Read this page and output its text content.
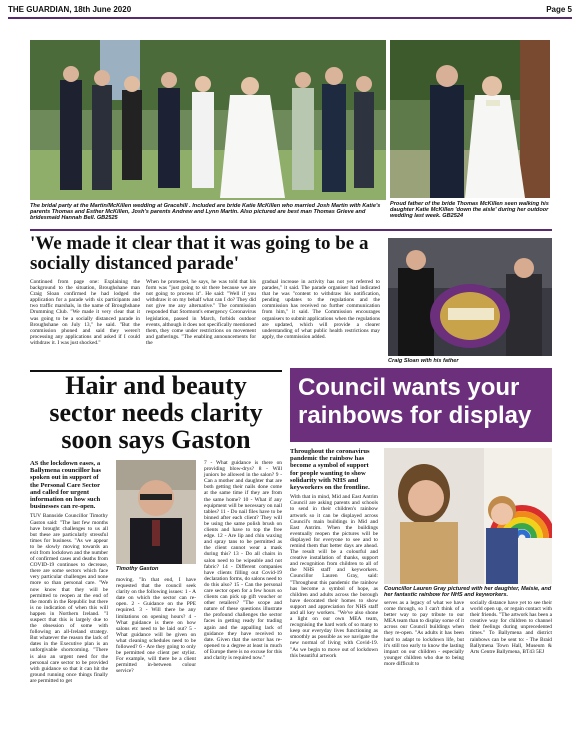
THE GUARDIAN, 18th June 2020	Page 5
The bridal party at the Martin/McKillen wedding at Gracehill . Included are bride Katie McKillen who married Josh Martin with Katie's parents Thomas and Esther McKillen, Josh's parents Andrew and Lynn Martin. Also pictured are best man Thomas Grieve and bridesmaid Hannah Bell. GB2525
Proud father of the bride Thomas McKillen seen walking his daughter Katie McKillen 'down the aisle' during her outdoor wedding last week. GB2524
'We made it clear that it was going to be a socially distanced parade'

Continued from page one: Explaining the background to the situation, Broughshane man Craig Sloan confirmed he had lodged the application for a parade with six participants and two traffic marshals, in the name of Broughshane Drumming Club. "We made it very clear that it was going to be a socially distanced parade in Broughshane on July 13," he said. "But the commission phoned and said they weren't processing any applications and asked if I could withdraw it. I was just shocked."

When he protested, he says, he was told that his form was "just going to sit there because we are not going to process it". He said: "Well if you withdraw it on my behalf what can I do? They did not give me any alternative." The commission responded that Stormont's emergency Coronavirus legislation, passed in March, forbids outdoor events, although it does not specifically mentioned them, they come under restrictions on movement and gatherings. "The enabling announcements for the

gradual increase in activity has not yet referred to parades," it said. The parade organiser had indicated that he was "content to withdraw his notification, pending updates to the regulations and the commission has received no further communication from him," it said. The Commission encourages organisers to submit applications when the regulations are updated, which will provide a clearer understanding of what public health restrictions may apply, the commission added.

Craig Sloan with his father
Hair and beauty sector needs clarity
soon says Gaston
Council wants your rainbows for display

AS the lockdown eases, a Ballymena councillor has spoken out in support of the Personal Care Sector and called for urgent information on how such businesses can re-open.

TUV Bannside Councillor Timothy Gaston said: "The last few months have brought challenges to us all but these are particularly stressful times for business. "As we appear to be slowly moving towards an exit from lockdown and the number of confirmed cases and deaths from COVID-19 continues to decrease, there are some sectors which face very particular challenges and none more so than personal care. "We now know that they will be permitted to reopen at the end of the month in the Republic but there is no indication of when this will happen in Northern Ireland. "I suspect that this is largely due to the obsession of some with following an all-Ireland strategy. But whatever the reason the lack of dates in the Executive plan is an unforgivable shortcoming. "There is also an urgent need for the personal care sector to be provided with guidance so that it can hit the ground running once things finally are permitted to get

Timothy Gaston

moving. "In that end, I have requested that the council seek clarity on the following issues: 1 - A date on which the sector can re-open. 2 - Guidance on the PPE required. 3 - Will there be any limitations on opening hours? 4 - What guidance is there on how salons etc need to be laid out? 5 - What guidance will be given on what cleaning schedules need to be followed? 6 - Are they going to only be permitted one client per stylist. For example, will there be a client permitted in-between colour service?

7 - What guidance is there on providing blow-drys? 8 - Will juniors be allowed in the salon? 9 - Can a mother and daughter that are both getting their nails done come at the same time if they are from the same home? 10 - What if any equipment will be necessary on nail tables? 11 - Do nail files have to be binned after each client? They will be using the same polish brush on clients and have to top the free edge. 12 - Are lip and chin waxing and spray tans to be permitted as the client cannot wear a mask during this? 13 - Do all chairs in salon need to be wipeable and not fabric? 14 - Different companies have clients filling out Covid-19 declaration forms, do salons need to do this also? 15 - Can the personal care sector open for a few hours so clients can pick up gift voucher or other retailers? "The scope and nature of these questions illustrate the profound challenges the sector faces in getting ready for trading again and the appalling lack of guidance they have received to date. Given that the sector has re-opened to a degree at least in much of Europe there is no excuse for this and clarity is required now."

Throughout the coronavirus pandemic the rainbow has become a symbol of support for people wanting to show solidarity with NHS and keyworkers on the frontline.

With that in mind, Mid and East Antrim Council are asking parents and schools to send in their children's rainbow artwork so it can be displayed across Council's main buildings in Mid and East Antrim. When the buildings eventually reopen the pictures will be displayed for everyone to see and to remind them that better days are ahead. The result will be a colourful and creative installation of thanks, support and recognition from children to all of the NHS staff and keyworkers. Councillor Lauren Gray, said: "Throughout this pandemic the rainbow has become a symbol of hope, as children and adults across the borough have decorated their homes to show support and appreciation for NHS staff and all key workers. "We've also shone a light on our own MEA team, recognising the hard work of so many to keep our everyday lives functioning as smoothly as possible as we navigate the new normal of living with Covid-19. "As we begin to move out of lockdown this beautiful artwork

Councillor Lauren Gray pictured with her daughter, Maisie, and her fantastic rainbow for NHS and keyworkers.

serves as a legacy of what we have come through, so I can't think of a better way to pay tribute to our MEA team than to display some of it across our Council buildings when they re-open. "As adults it has been hard to adapt to lockdown life, but it's still too early to know the lasting impact on our children - especially younger children who due to being more difficult to

socially distance have yet to see their world open up, or regain contact with their friends. "The artwork has been a creative way for children to channel their feelings during unprecedented times." To Ballymena and district rainbows can be sent to: - The Braid Ballymena Town Hall, Museum & Arts Centre Ballymena, BT43 5EJ
